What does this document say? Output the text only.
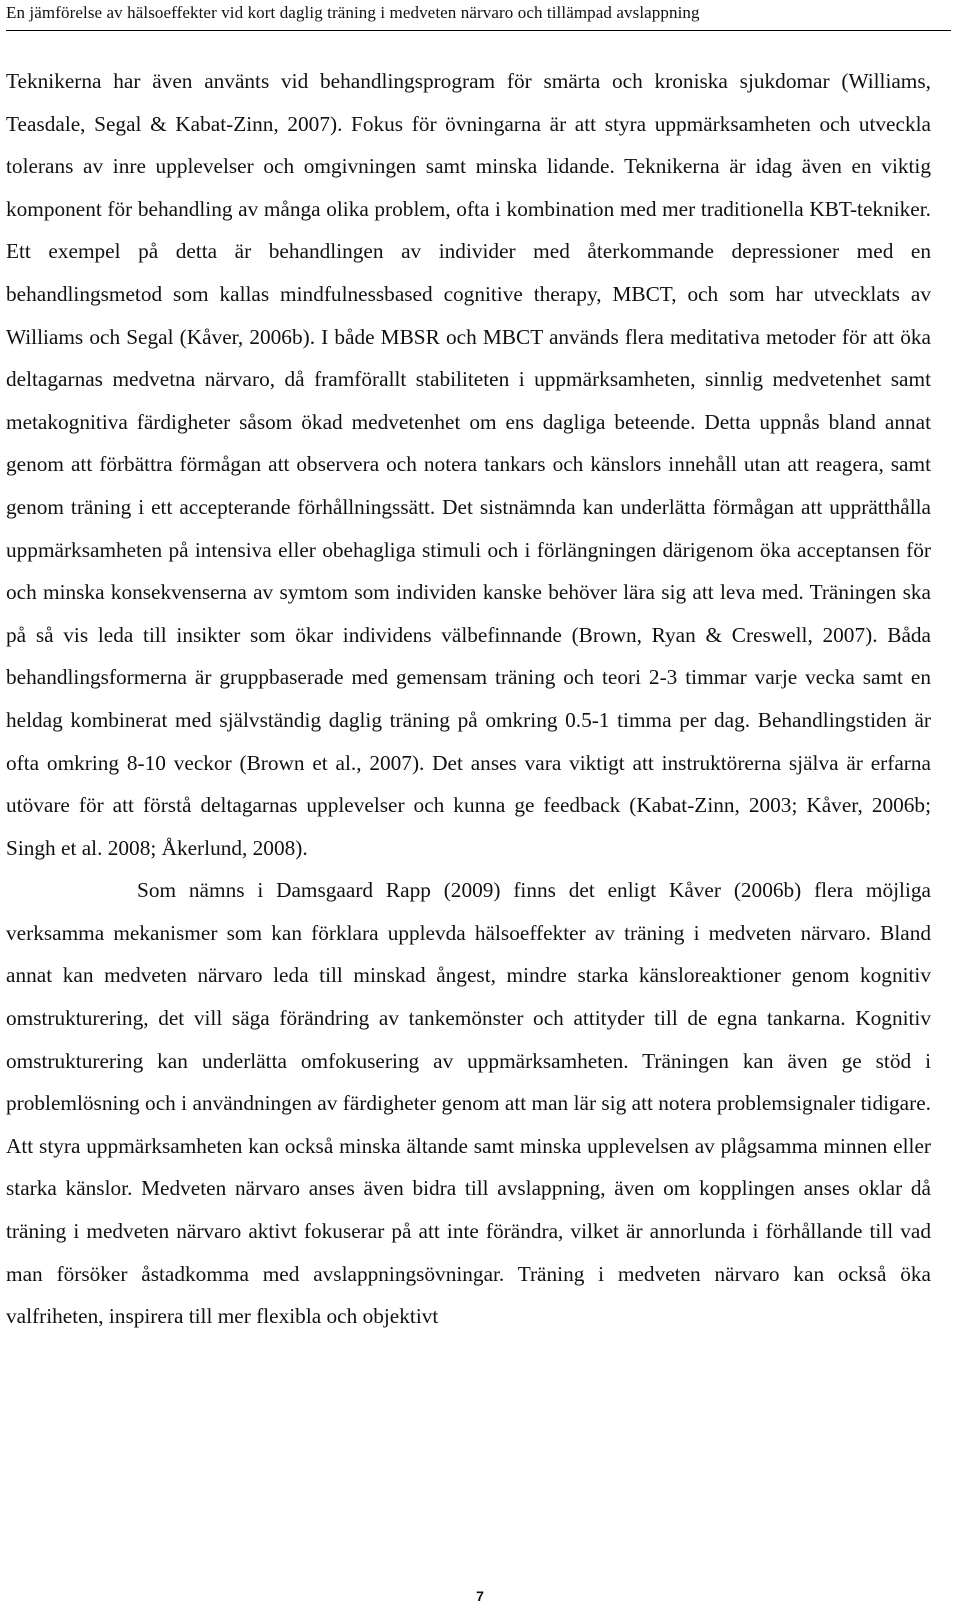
En jämförelse av hälsoeffekter vid kort daglig träning i medveten närvaro och tillämpad avslappning

Teknikerna har även använts vid behandlingsprogram för smärta och kroniska sjukdomar (Williams, Teasdale, Segal & Kabat-Zinn, 2007). Fokus för övningarna är att styra uppmärksamheten och utveckla tolerans av inre upplevelser och omgivningen samt minska lidande. Teknikerna är idag även en viktig komponent för behandling av många olika problem, ofta i kombination med mer traditionella KBT-tekniker. Ett exempel på detta är behandlingen av individer med återkommande depressioner med en behandlingsmetod som kallas mindfulnessbased cognitive therapy, MBCT, och som har utvecklats av Williams och Segal (Kåver, 2006b). I både MBSR och MBCT används flera meditativa metoder för att öka deltagarnas medvetna närvaro, då framförallt stabiliteten i uppmärksamheten, sinnlig medvetenhet samt metakognitiva färdigheter såsom ökad medvetenhet om ens dagliga beteende. Detta uppnås bland annat genom att förbättra förmågan att observera och notera tankars och känslors innehåll utan att reagera, samt genom träning i ett accepterande förhållningssätt. Det sistnämnda kan underlätta förmågan att upprätthålla uppmärksamheten på intensiva eller obehagliga stimuli och i förlängningen därigenom öka acceptansen för och minska konsekvenserna av symtom som individen kanske behöver lära sig att leva med. Träningen ska på så vis leda till insikter som ökar individens välbefinnande (Brown, Ryan & Creswell, 2007). Båda behandlingsformerna är gruppbaserade med gemensam träning och teori 2-3 timmar varje vecka samt en heldag kombinerat med självständig daglig träning på omkring 0.5-1 timma per dag. Behandlingstiden är ofta omkring 8-10 veckor (Brown et al., 2007). Det anses vara viktigt att instruktörerna själva är erfarna utövare för att förstå deltagarnas upplevelser och kunna ge feedback (Kabat-Zinn, 2003; Kåver, 2006b; Singh et al. 2008; Åkerlund, 2008).

Som nämns i Damsgaard Rapp (2009) finns det enligt Kåver (2006b) flera möjliga verksamma mekanismer som kan förklara upplevda hälsoeffekter av träning i medveten närvaro. Bland annat kan medveten närvaro leda till minskad ångest, mindre starka känsloreaktioner genom kognitiv omstrukturering, det vill säga förändring av tankemönster och attityder till de egna tankarna. Kognitiv omstrukturering kan underlätta omfokusering av uppmärksamheten. Träningen kan även ge stöd i problemlösning och i användningen av färdigheter genom att man lär sig att notera problemsignaler tidigare. Att styra uppmärksamheten kan också minska ältande samt minska upplevelsen av plågsamma minnen eller starka känslor. Medveten närvaro anses även bidra till avslappning, även om kopplingen anses oklar då träning i medveten närvaro aktivt fokuserar på att inte förändra, vilket är annorlunda i förhållande till vad man försöker åstadkomma med avslappningsövningar. Träning i medveten närvaro kan också öka valfriheten, inspirera till mer flexibla och objektivt

7
